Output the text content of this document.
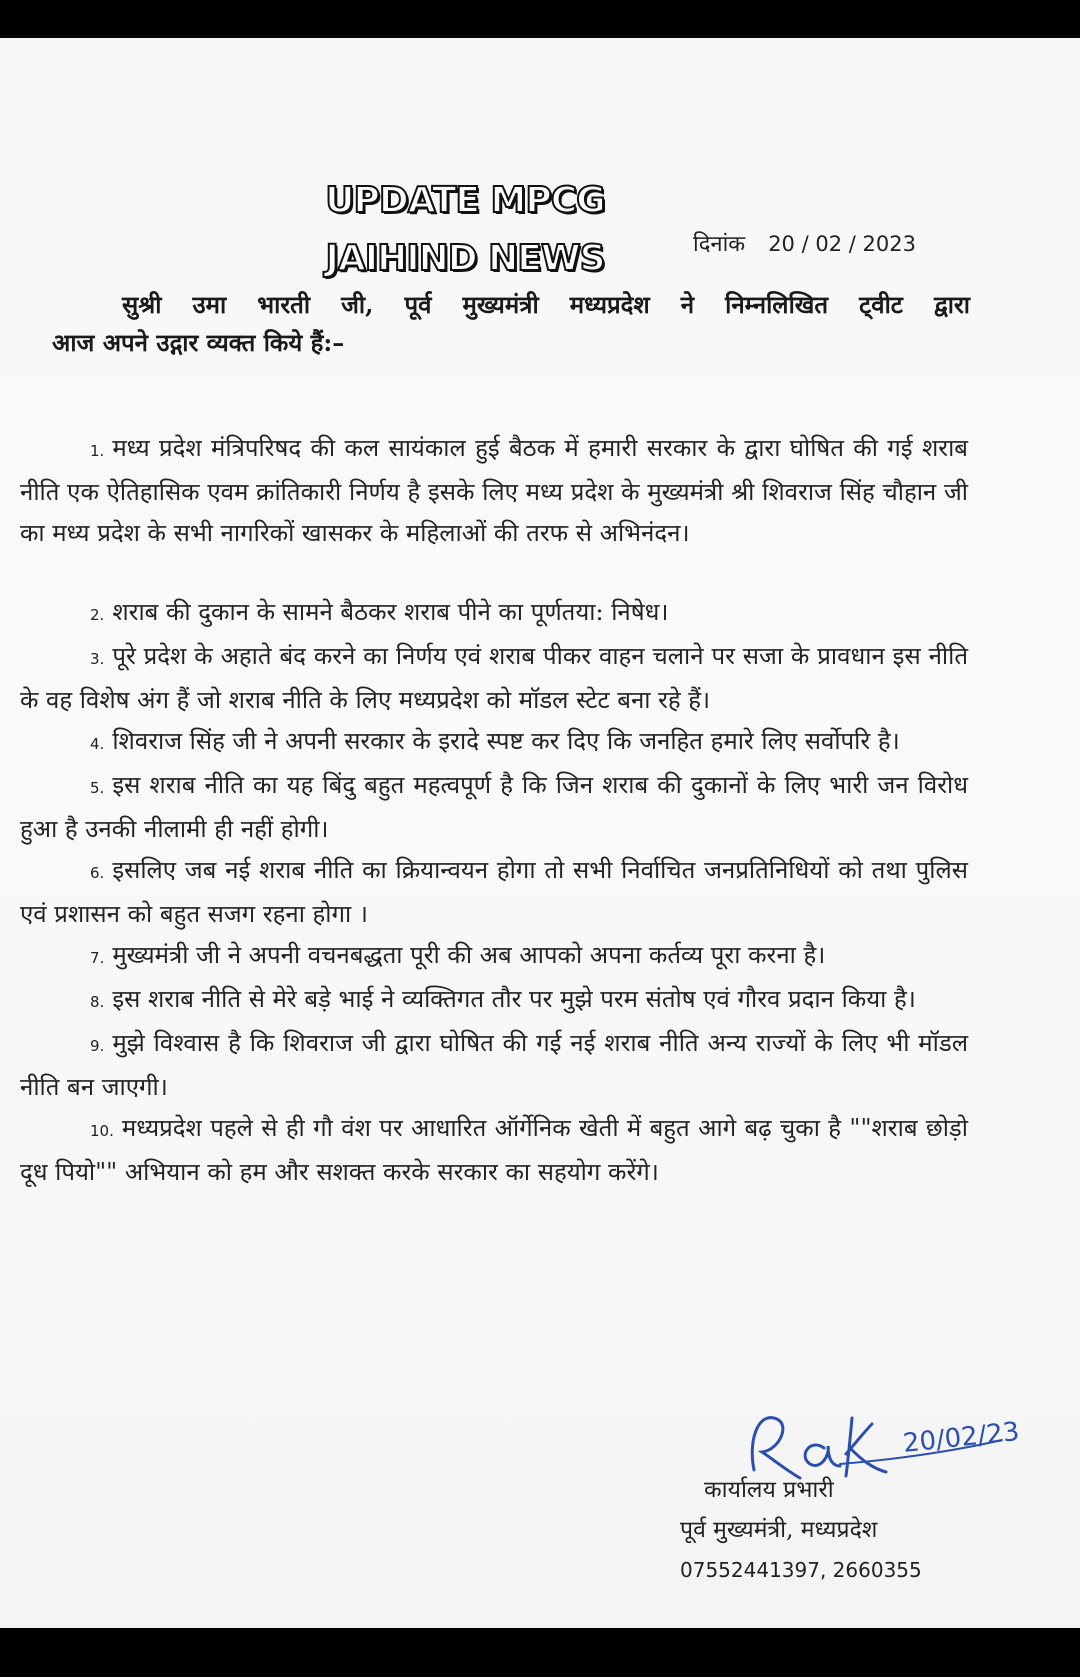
UPDATE MPCG
JAIHIND NEWS	दिनांक 20 / 02 / 2023
सुश्री उमा भारती जी, पूर्व मुख्यमंत्री मध्यप्रदेश ने निम्नलिखित ट्वीट द्वारा
आज अपने उद्गार व्यक्त किये हैं:–

1. मध्य प्रदेश मंत्रिपरिषद की कल सायंकाल हुई बैठक में हमारी सरकार के द्वारा घोषित की गई शराब नीति एक ऐतिहासिक एवम क्रांतिकारी निर्णय है इसके लिए मध्य प्रदेश के मुख्यमंत्री श्री शिवराज सिंह चौहान जी का मध्य प्रदेश के सभी नागरिकों खासकर के महिलाओं की तरफ से अभिनंदन।

2. शराब की दुकान के सामने बैठकर शराब पीने का पूर्णतया: निषेध।

3. पूरे प्रदेश के अहाते बंद करने का निर्णय एवं शराब पीकर वाहन चलाने पर सजा के प्रावधान इस नीति के वह विशेष अंग हैं जो शराब नीति के लिए मध्यप्रदेश को मॉडल स्टेट बना रहे हैं।

4. शिवराज सिंह जी ने अपनी सरकार के इरादे स्पष्ट कर दिए कि जनहित हमारे लिए सर्वोपरि है।

5. इस शराब नीति का यह बिंदु बहुत महत्वपूर्ण है कि जिन शराब की दुकानों के लिए भारी जन विरोध हुआ है उनकी नीलामी ही नहीं होगी।

6. इसलिए जब नई शराब नीति का क्रियान्वयन होगा तो सभी निर्वाचित जनप्रतिनिधियों को तथा पुलिस एवं प्रशासन को बहुत सजग रहना होगा ।

7. मुख्यमंत्री जी ने अपनी वचनबद्धता पूरी की अब आपको अपना कर्तव्य पूरा करना है।

8. इस शराब नीति से मेरे बड़े भाई ने व्यक्तिगत तौर पर मुझे परम संतोष एवं गौरव प्रदान किया है।

9. मुझे विश्वास है कि शिवराज जी द्वारा घोषित की गई नई शराब नीति अन्य राज्यों के लिए भी मॉडल नीति बन जाएगी।

10. मध्यप्रदेश पहले से ही गौ वंश पर आधारित ऑर्गेनिक खेती में बहुत आगे बढ़ चुका है ""शराब छोड़ो दूध पियो"" अभियान को हम और सशक्त करके सरकार का सहयोग करेंगे।

20/02/23
कार्यालय प्रभारी
पूर्व मुख्यमंत्री, मध्यप्रदेश
07552441397, 2660355
